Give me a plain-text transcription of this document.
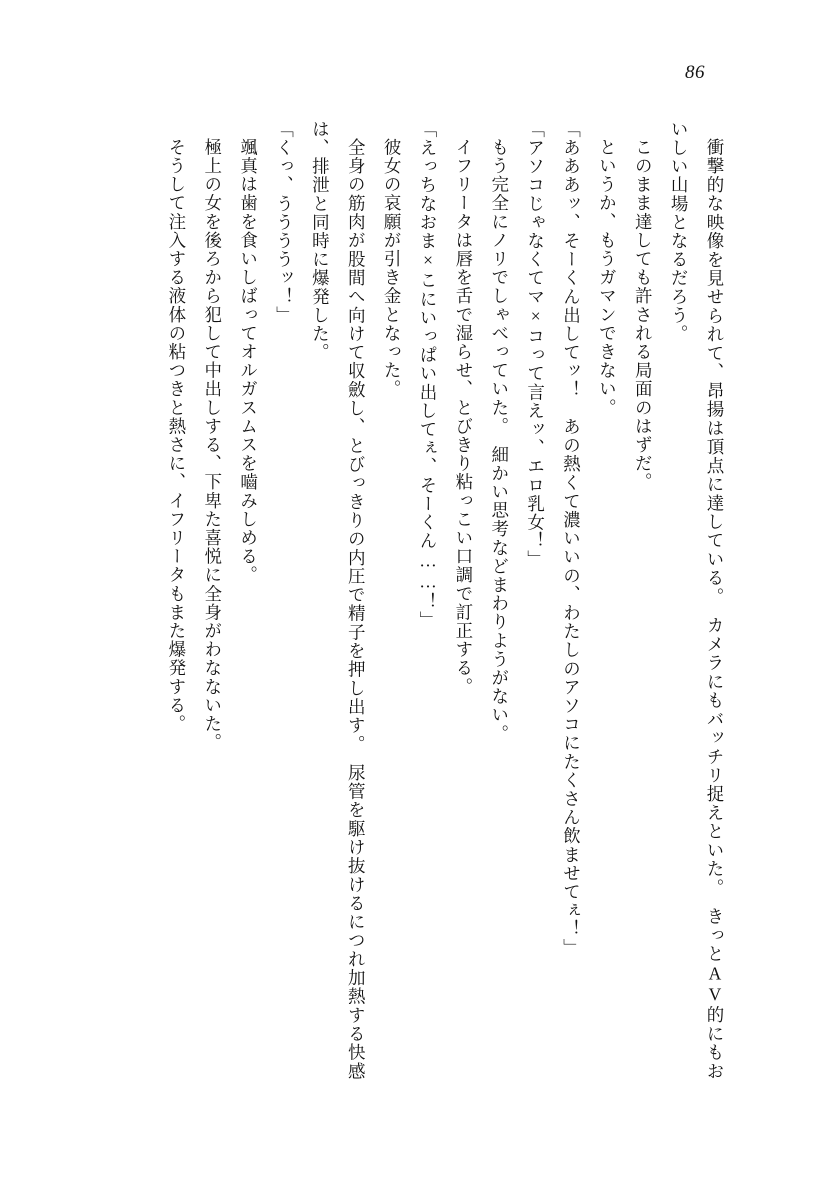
86

衝撃的な映像を見せられて、昂揚は頂点に達している。　カメラにもバッチリ捉えといた。　きっとAV的にもおいしい山場となるだろう。

このまま達しても許される局面のはずだ。

というか、もうガマンできない。

「あああッ、そーくん出してッ！　あの熱くて濃いいの、わたしのアソコにたくさん飲ませてぇ！」

「アソコじゃなくてマ×コって言えッ、エロ乳女！」

もう完全にノリでしゃべっていた。　細かい思考などまわりようがない。

イフリータは唇を舌で湿らせ、とびきり粘っこい口調で訂正する。

「えっちなおま×こにいっぱい出してぇ、そーくん……！」

彼女の哀願が引き金となった。

全身の筋肉が股間へ向けて収斂し、とびっきりの内圧で精子を押し出す。　尿管を駆け抜けるにつれ加熱する快感は、排泄と同時に爆発した。

「くっ、ううううッ！」

颯真は歯を食いしばってオルガスムスを嚙みしめる。

極上の女を後ろから犯して中出しする、下卑た喜悦に全身がわなないた。

そうして注入する液体の粘つきと熱さに、イフリータもまた爆発する。
